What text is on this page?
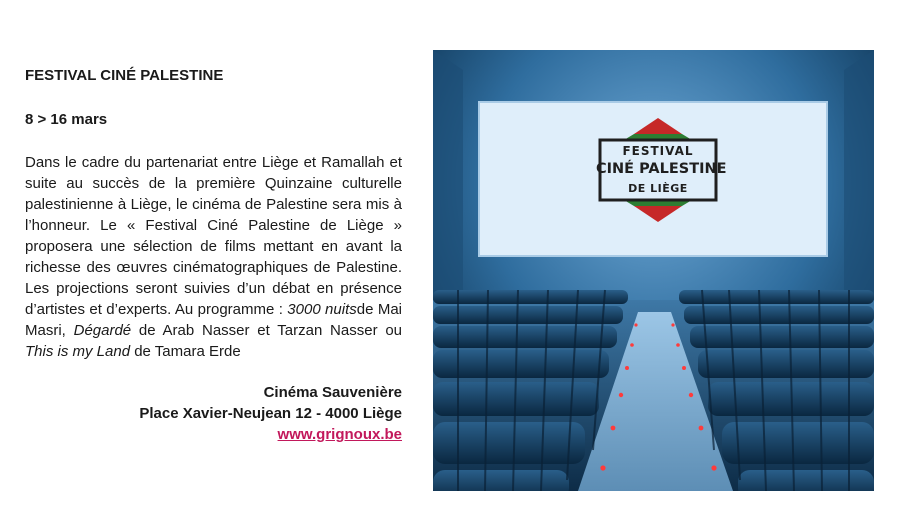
FESTIVAL CINÉ PALESTINE

8 > 16 mars

Dans le cadre du partenariat entre Liège et Ramallah et suite au succès de la première Quinzaine culturelle palestinienne à Liège, le cinéma de Palestine sera mis à l’honneur. Le « Festival Ciné Palestine de Liège » proposera une sélection de films mettant en avant la richesse des œuvres cinématographiques de Palestine. Les projections seront suivies d’un débat en présence d’artistes et d’experts. Au programme : 3000 nuitsde Mai Masri, Dégardé de Arab Nasser et Tarzan Nasser ou This is my Land de Tamara Erde

Cinéma Sauvenière
Place Xavier-Neujean 12 - 4000 Liège
www.grignoux.be
FESTIVAL
CINÉ PALESTINE
DE LIÈGE
